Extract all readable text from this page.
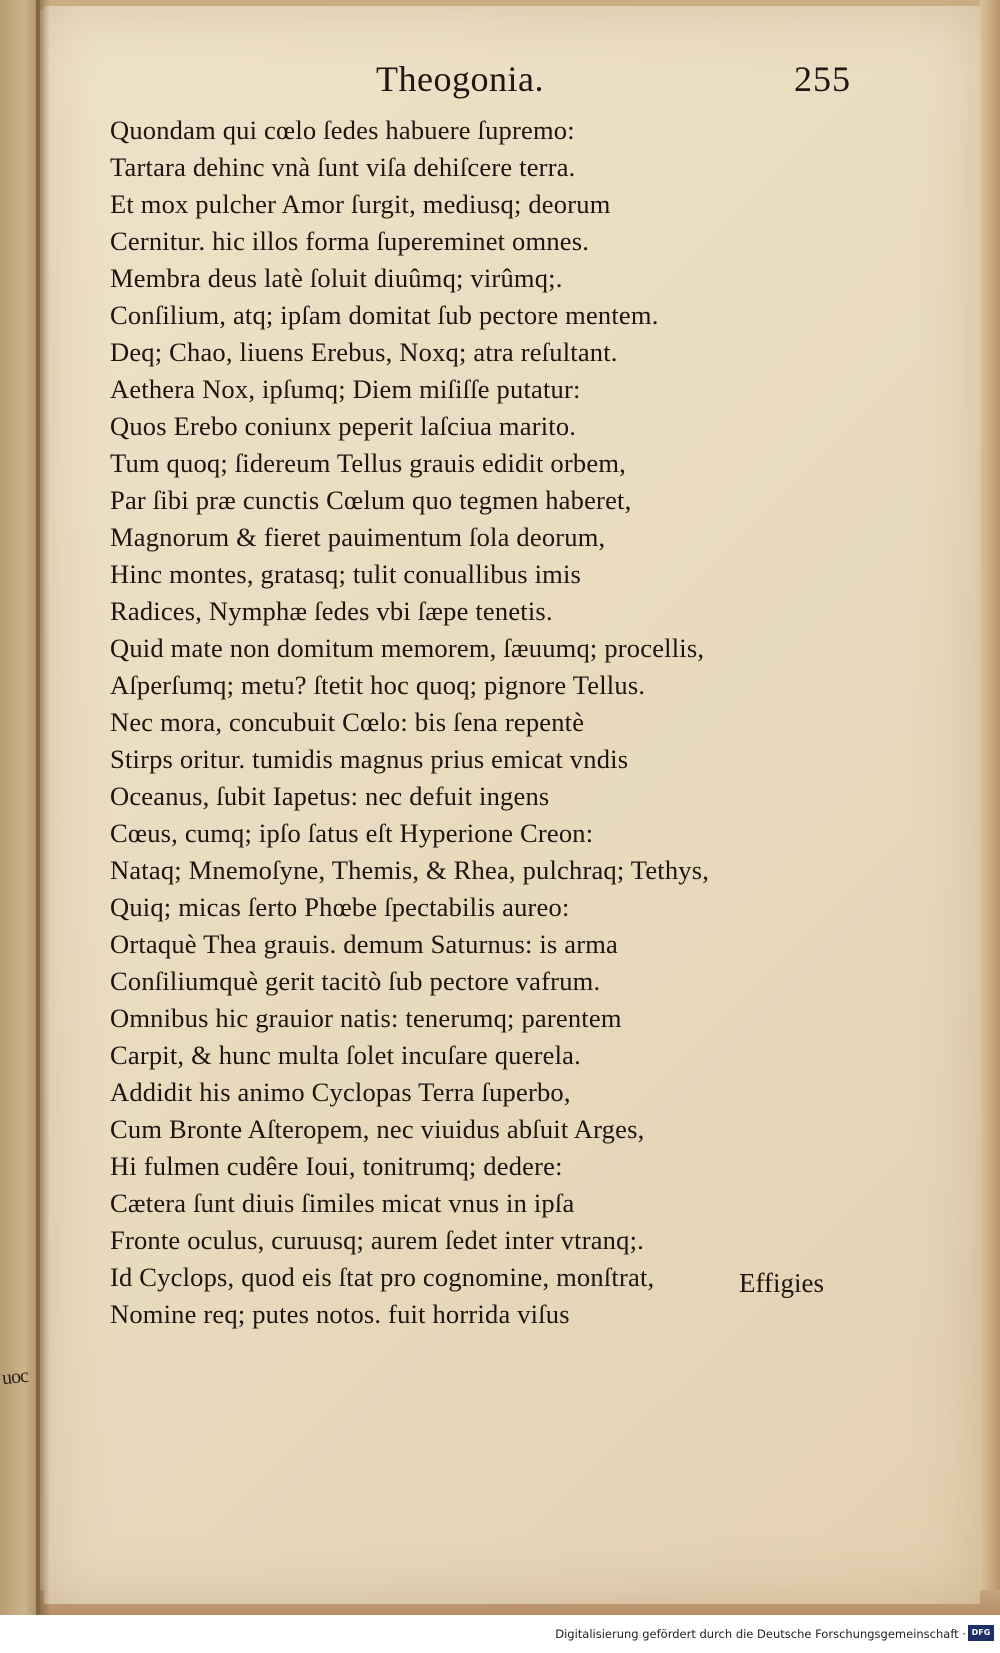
uoc
Theogonia.	255
Quondam qui cœlo ſedes habuere ſupremo:
Tartara dehinc vnà ſunt viſa dehiſcere terra.
Et mox pulcher Amor ſurgit, mediusq; deorum
Cernitur. hic illos forma ſupereminet omnes.
Membra deus latè ſoluit diuûmq; virûmq;.
Conſilium, atq; ipſam domitat ſub pectore mentem.
Deq; Chao, liuens Erebus, Noxq; atra reſultant.
Aethera Nox, ipſumq; Diem miſiſſe putatur:
Quos Erebo coniunx peperit laſciua marito.
Tum quoq; ſidereum Tellus grauis edidit orbem,
Par ſibi præ cunctis Cœlum quo tegmen haberet,
Magnorum & fieret pauimentum ſola deorum,
Hinc montes, gratasq; tulit conuallibus imis
Radices, Nymphæ ſedes vbi ſæpe tenetis.
Quid mate non domitum memorem, ſæuumq; procellis,
Aſperſumq; metu? ſtetit hoc quoq; pignore Tellus.
Nec mora, concubuit Cœlo: bis ſena repentè
Stirps oritur. tumidis magnus prius emicat vndis
Oceanus, ſubit Iapetus: nec defuit ingens
Cœus, cumq; ipſo ſatus eſt Hyperione Creon:
Nataq; Mnemoſyne, Themis, & Rhea, pulchraq; Tethys,
Quiq; micas ſerto Phœbe ſpectabilis aureo:
Ortaquè Thea grauis. demum Saturnus: is arma
Conſiliumquè gerit tacitò ſub pectore vafrum.
Omnibus hic grauior natis: tenerumq; parentem
Carpit, & hunc multa ſolet incuſare querela.
Addidit his animo Cyclopas Terra ſuperbo,
Cum Bronte Aſteropem, nec viuidus abſuit Arges,
Hi fulmen cudêre Ioui, tonitrumq; dedere:
Cætera ſunt diuis ſimiles micat vnus in ipſa
Fronte oculus, curuusq; aurem ſedet inter vtranq;.
Id Cyclops, quod eis ſtat pro cognomine, monſtrat,
Nomine req; putes notos. fuit horrida viſus
Effigies
Digitalisierung gefördert durch die Deutsche Forschungsgemeinschaft · DFG
